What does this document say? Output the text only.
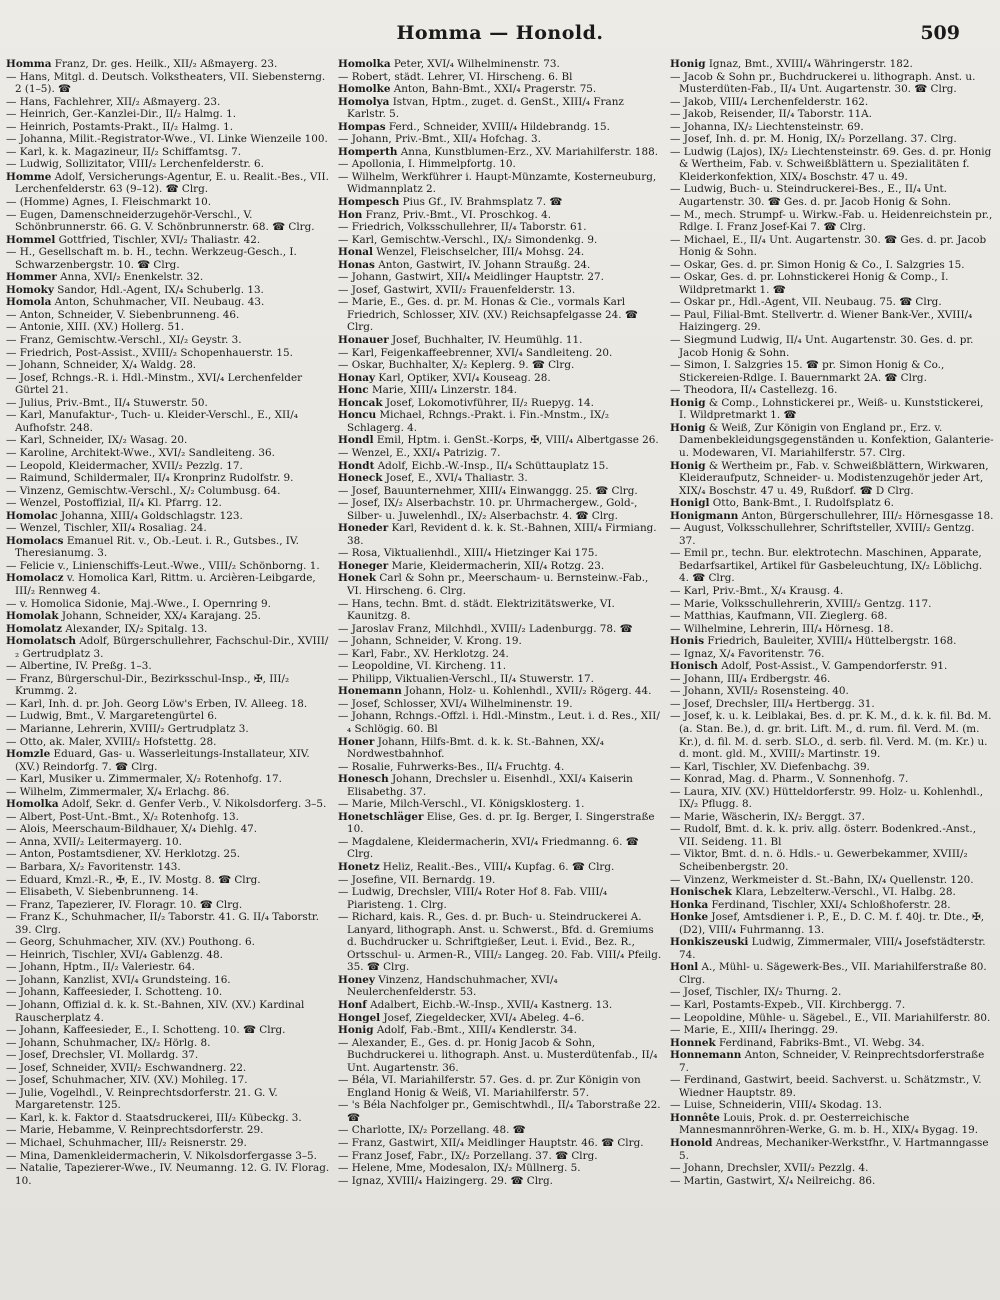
Homma — Honold.	509

Homma Franz, Dr. ges. Heilk., XII/₂ Aßmayerg. 23.

— Hans, Mitgl. d. Deutsch. Volkstheaters, VII. Siebensterng. 2 (1–5). ☎

— Hans, Fachlehrer, XII/₂ Aßmayerg. 23.

— Heinrich, Ger.-Kanzlei-Dir., II/₂ Halmg. 1.

— Heinrich, Postamts-Prakt., II/₂ Halmg. 1.

— Johanna, Milit.-Registrator-Wwe., VI. Linke Wienzeile 100.

— Karl, k. k. Magazineur, II/₂ Schiffamtsg. 7.

— Ludwig, Sollizitator, VIII/₂ Lerchenfelderstr. 6.

Homme Adolf, Versicherungs-Agentur, E. u. Realit.-Bes., VII. Lerchenfelderstr. 63 (9–12). ☎ Clrg.

— (Homme) Agnes, I. Fleischmarkt 10.

— Eugen, Damenschneiderzugehör-Verschl., V. Schönbrunnerstr. 66. G. V. Schönbrunnerstr. 68. ☎ Clrg.

Hommel Gottfried, Tischler, XVI/₂ Thaliastr. 42.

— H., Gesellschaft m. b. H., techn. Werkzeug-Gesch., I. Schwarzenbergstr. 10. ☎ Clrg.

Hommer Anna, XVI/₂ Enenkelstr. 32.

Homoky Sandor, Hdl.-Agent, IX/₄ Schuberlg. 13.

Homola Anton, Schuhmacher, VII. Neubaug. 43.

— Anton, Schneider, V. Siebenbrunneng. 46.

— Antonie, XIII. (XV.) Hollerg. 51.

— Franz, Gemischtw.-Verschl., XI/₂ Geystr. 3.

— Friedrich, Post-Assist., XVIII/₂ Schopenhauerstr. 15.

— Johann, Schneider, X/₄ Waldg. 28.

— Josef, Rchngs.-R. i. Hdl.-Minstm., XVI/₄ Lerchenfelder Gürtel 21.

— Julius, Priv.-Bmt., II/₄ Stuwerstr. 50.

— Karl, Manufaktur-, Tuch- u. Kleider-Verschl., E., XII/₄ Aufhofstr. 248.

— Karl, Schneider, IX/₂ Wasag. 20.

— Karoline, Architekt-Wwe., XVI/₂ Sandleiteng. 36.

— Leopold, Kleidermacher, XVII/₂ Pezzlg. 17.

— Raimund, Schildermaler, II/₄ Kronprinz Rudolfstr. 9.

— Vinzenz, Gemischtw.-Verschl., X/₂ Columbusg. 64.

— Wenzel, Postoffizial, II/₄ Kl. Pfarrg. 12.

Homolac Johanna, XIII/₄ Goldschlagstr. 123.

— Wenzel, Tischler, XII/₄ Rosaliag. 24.

Homolacs Emanuel Rit. v., Ob.-Leut. i. R., Gutsbes., IV. Theresianumg. 3.

— Felicie v., Linienschiffs-Leut.-Wwe., VIII/₂ Schönborng. 1.

Homolacz v. Homolica Karl, Rittm. u. Arcièren-Leibgarde, III/₂ Rennweg 4.

— v. Homolica Sidonie, Maj.-Wwe., I. Opernring 9.

Homolak Johann, Schneider, XX/₄ Karajang. 25.

Homolatz Alexander, IX/₂ Spitalg. 13.

Homolatsch Adolf, Bürgerschullehrer, Fachschul-Dir., XVIII/₂ Gertrudplatz 3.

— Albertine, IV. Preßg. 1–3.

— Franz, Bürgerschul-Dir., Bezirksschul-Insp., ✠, III/₂ Krummg. 2.

— Karl, Inh. d. pr. Joh. Georg Löw's Erben, IV. Alleeg. 18.

— Ludwig, Bmt., V. Margaretengürtel 6.

— Marianne, Lehrerin, XVIII/₂ Gertrudplatz 3.

— Otto, ak. Maler, XVIII/₂ Hofstettg. 28.

Homzle Eduard, Gas- u. Wasserleitungs-Installateur, XIV. (XV.) Reindorfg. 7. ☎ Clrg.

— Karl, Musiker u. Zimmermaler, X/₂ Rotenhofg. 17.

— Wilhelm, Zimmermaler, X/₄ Erlachg. 86.

Homolka Adolf, Sekr. d. Genfer Verb., V. Nikolsdorferg. 3–5.

— Albert, Post-Unt.-Bmt., X/₂ Rotenhofg. 13.

— Alois, Meerschaum-Bildhauer, X/₄ Diehlg. 47.

— Anna, XVII/₂ Leitermayerg. 10.

— Anton, Postamtsdiener, XV. Herklotzg. 25.

— Barbara, X/₂ Favoritenstr. 143.

— Eduard, Kmzl.-R., ✠, E., IV. Mostg. 8. ☎ Clrg.

— Elisabeth, V. Siebenbrunneng. 14.

— Franz, Tapezierer, IV. Floragr. 10. ☎ Clrg.

— Franz K., Schuhmacher, II/₂ Taborstr. 41. G. II/₄ Taborstr. 39. Clrg.

— Georg, Schuhmacher, XIV. (XV.) Pouthong. 6.

— Heinrich, Tischler, XVI/₄ Gablenzg. 48.

— Johann, Hptm., II/₂ Valeriestr. 64.

— Johann, Kanzlist, XVI/₄ Grundsteing. 16.

— Johann, Kaffeesieder, I. Schotteng. 10.

— Johann, Offizial d. k. k. St.-Bahnen, XIV. (XV.) Kardinal Rauscherplatz 4.

— Johann, Kaffeesieder, E., I. Schotteng. 10. ☎ Clrg.

— Johann, Schuhmacher, IX/₂ Hörlg. 8.

— Josef, Drechsler, VI. Mollardg. 37.

— Josef, Schneider, XVII/₂ Eschwandnerg. 22.

— Josef, Schuhmacher, XIV. (XV.) Mohileg. 17.

— Julie, Vogelhdl., V. Reinprechtsdorferstr. 21. G. V. Margaretenstr. 125.

— Karl, k. k. Faktor d. Staatsdruckerei, III/₂ Kübeckg. 3.

— Marie, Hebamme, V. Reinprechtsdorferstr. 29.

— Michael, Schuhmacher, III/₂ Reisnerstr. 29.

— Mina, Damenkleidermacherin, V. Nikolsdorfergasse 3–5.

— Natalie, Tapezierer-Wwe., IV. Neumanng. 12. G. IV. Florag. 10.

Homolka Peter, XVI/₄ Wilhelminenstr. 73.

— Robert, städt. Lehrer, VI. Hirscheng. 6. Bl

Homolke Anton, Bahn-Bmt., XXI/₄ Pragerstr. 75.

Homolya Istvan, Hptm., zuget. d. GenSt., XIII/₄ Franz Karlstr. 5.

Hompas Ferd., Schneider, XVIII/₄ Hildebrandg. 15.

— Johann, Priv.-Bmt., XII/₄ Hofchag. 3.

Homperth Anna, Kunstblumen-Erz., XV. Mariahilferstr. 188.

— Apollonia, I. Himmelpfortg. 10.

— Wilhelm, Werkführer i. Haupt-Münzamte, Kosterneuburg, Widmannplatz 2.

Hompesch Pius Gf., IV. Brahmsplatz 7. ☎

Hon Franz, Priv.-Bmt., VI. Proschkog. 4.

— Friedrich, Volksschullehrer, II/₄ Taborstr. 61.

— Karl, Gemischtw.-Verschl., IX/₂ Simondenkg. 9.

Honal Wenzel, Fleischselcher, III/₄ Mohsg. 24.

Honas Anton, Gastwirt, IV. Johann Straußg. 24.

— Johann, Gastwirt, XII/₄ Meidlinger Hauptstr. 27.

— Josef, Gastwirt, XVII/₂ Frauenfelderstr. 13.

— Marie, E., Ges. d. pr. M. Honas & Cie., vormals Karl Friedrich, Schlosser, XIV. (XV.) Reichsapfelgasse 24. ☎ Clrg.

Honauer Josef, Buchhalter, IV. Heumühlg. 11.

— Karl, Feigenkaffeebrenner, XVI/₄ Sandleiteng. 20.

— Oskar, Buchhalter, X/₂ Keplerg. 9. ☎ Clrg.

Honay Karl, Optiker, XVI/₄ Kouseag. 28.

Honc Marie, XIII/₄ Linzerstr. 184.

Honcak Josef, Lokomotivführer, II/₂ Ruepyg. 14.

Honcu Michael, Rchngs.-Prakt. i. Fin.-Mnstm., IX/₂ Schlagerg. 4.

Hondl Emil, Hptm. i. GenSt.-Korps, ✠, VIII/₄ Albertgasse 26.

— Wenzel, E., XXI/₄ Patrizig. 7.

Hondt Adolf, Eichb.-W.-Insp., II/₄ Schüttauplatz 15.

Honeck Josef, E., XVI/₄ Thaliastr. 3.

— Josef, Bauunternehmer, XIII/₄ Einwanggg. 25. ☎ Clrg.

— Josef, IX/₂ Alserbachstr. 10. pr. Uhrmachergew., Gold-, Silber- u. Juwelenhdl., IX/₂ Alserbachstr. 4. ☎ Clrg.

Honeder Karl, Revident d. k. k. St.-Bahnen, XIII/₄ Firmiang. 38.

— Rosa, Viktualienhdl., XIII/₄ Hietzinger Kai 175.

Honeger Marie, Kleidermacherin, XII/₄ Rotzg. 23.

Honek Carl & Sohn pr., Meerschaum- u. Bernsteinw.-Fab., VI. Hirscheng. 6. Clrg.

— Hans, techn. Bmt. d. städt. Elektrizitätswerke, VI. Kaunitzg. 8.

— Jaroslav Franz, Milchhdl., XVIII/₂ Ladenburgg. 78. ☎

— Johann, Schneider, V. Krong. 19.

— Karl, Fabr., XV. Herklotzg. 24.

— Leopoldine, VI. Kircheng. 11.

— Philipp, Viktualien-Verschl., II/₄ Stuwerstr. 17.

Honemann Johann, Holz- u. Kohlenhdl., XVII/₂ Rögerg. 44.

— Josef, Schlosser, XVI/₄ Wilhelminenstr. 19.

— Johann, Rchngs.-Offzl. i. Hdl.-Minstm., Leut. i. d. Res., XII/₄ Schlögig. 60. Bl

Honer Johann, Hilfs-Bmt. d. k. k. St.-Bahnen, XX/₄ Nordwestbahnhof.

— Rosalie, Fuhrwerks-Bes., II/₄ Fruchtg. 4.

Honesch Johann, Drechsler u. Eisenhdl., XXI/₄ Kaiserin Elisabethg. 37.

— Marie, Milch-Verschl., VI. Königsklosterg. 1.

Honetschläger Elise, Ges. d. pr. Ig. Berger, I. Singerstraße 10.

— Magdalene, Kleidermacherin, XVI/₄ Friedmanng. 6. ☎ Clrg.

Honetz Heliz, Realit.-Bes., VIII/₄ Kupfag. 6. ☎ Clrg.

— Josefine, VII. Bernardg. 19.

— Ludwig, Drechsler, VIII/₄ Roter Hof 8. Fab. VIII/₄ Piaristeng. 1. Clrg.

— Richard, kais. R., Ges. d. pr. Buch- u. Steindruckerei A. Lanyard, lithograph. Anst. u. Schwerst., Bfd. d. Gremiums d. Buchdrucker u. Schriftgießer, Leut. i. Evid., Bez. R., Ortsschul- u. Armen-R., VIII/₂ Langeg. 20. Fab. VIII/₄ Pfeilg. 35. ☎ Clrg.

Honey Vinzenz, Handschuhmacher, XVI/₄ Neulerchenfelderstr. 53.

Honf Adalbert, Eichb.-W.-Insp., XVII/₄ Kastnerg. 13.

Hongel Josef, Ziegeldecker, XVI/₄ Abeleg. 4–6.

Honig Adolf, Fab.-Bmt., XIII/₄ Kendlerstr. 34.

— Alexander, E., Ges. d. pr. Honig Jacob & Sohn, Buchdruckerei u. lithograph. Anst. u. Musterdütenfab., II/₄ Unt. Augartenstr. 36.

— Béla, VI. Mariahilferstr. 57. Ges. d. pr. Zur Königin von England Honig & Weiß, VI. Mariahilferstr. 57.

— 's Béla Nachfolger pr., Gemischtwhdl., II/₄ Taborstraße 22. ☎

— Charlotte, IX/₂ Porzellang. 48. ☎

— Franz, Gastwirt, XII/₄ Meidlinger Hauptstr. 46. ☎ Clrg.

— Franz Josef, Fabr., IX/₂ Porzellang. 37. ☎ Clrg.

— Helene, Mme, Modesalon, IX/₂ Müllnerg. 5.

— Ignaz, XVIII/₄ Haizingerg. 29. ☎ Clrg.

Honig Ignaz, Bmt., XVIII/₄ Währingerstr. 182.

— Jacob & Sohn pr., Buchdruckerei u. lithograph. Anst. u. Musterdüten-Fab., II/₄ Unt. Augartenstr. 30. ☎ Clrg.

— Jakob, VIII/₄ Lerchenfelderstr. 162.

— Jakob, Reisender, II/₄ Taborstr. 11A.

— Johanna, IX/₂ Liechtensteinstr. 69.

— Josef, Inh. d. pr. M. Honig, IX/₂ Porzellang. 37. Clrg.

— Ludwig (Lajos), IX/₂ Liechtensteinstr. 69. Ges. d. pr. Honig & Wertheim, Fab. v. Schweißblättern u. Spezialitäten f. Kleiderkonfektion, XIX/₄ Boschstr. 47 u. 49.

— Ludwig, Buch- u. Steindruckerei-Bes., E., II/₄ Unt. Augartenstr. 30. ☎ Ges. d. pr. Jacob Honig & Sohn.

— M., mech. Strumpf- u. Wirkw.-Fab. u. Heidenreichstein pr., Rdlge. I. Franz Josef-Kai 7. ☎ Clrg.

— Michael, E., II/₄ Unt. Augartenstr. 30. ☎ Ges. d. pr. Jacob Honig & Sohn.

— Oskar, Ges. d. pr. Simon Honig & Co., I. Salzgries 15.

— Oskar, Ges. d. pr. Lohnstickerei Honig & Comp., I. Wildpretmarkt 1. ☎

— Oskar pr., Hdl.-Agent, VII. Neubaug. 75. ☎ Clrg.

— Paul, Filial-Bmt. Stellvertr. d. Wiener Bank-Ver., XVIII/₄ Haizingerg. 29.

— Siegmund Ludwig, II/₄ Unt. Augartenstr. 30. Ges. d. pr. Jacob Honig & Sohn.

— Simon, I. Salzgries 15. ☎ pr. Simon Honig & Co., Stickereien-Rdlge. I. Bauernmarkt 2A. ☎ Clrg.

— Theodora, II/₄ Castellezg. 16.

Honig & Comp., Lohnstickerei pr., Weiß- u. Kunststickerei, I. Wildpretmarkt 1. ☎

Honig & Weiß, Zur Königin von England pr., Erz. v. Damenbekleidungsgegenständen u. Konfektion, Galanterie- u. Modewaren, VI. Mariahilferstr. 57. Clrg.

Honig & Wertheim pr., Fab. v. Schweißblättern, Wirkwaren, Kleideraufputz, Schneider- u. Modistenzugehör jeder Art, XIX/₄ Boschstr. 47 u. 49, Rußdorf. ☎ D Clrg.

Honigl Otto, Bank-Bmt., I. Rudolfsplatz 6.

Honigmann Anton, Bürgerschullehrer, III/₂ Hörnesgasse 18.

— August, Volksschullehrer, Schriftsteller, XVIII/₂ Gentzg. 37.

— Emil pr., techn. Bur. elektrotechn. Maschinen, Apparate, Bedarfsartikel, Artikel für Gasbeleuchtung, IX/₂ Löblichg. 4. ☎ Clrg.

— Karl, Priv.-Bmt., X/₄ Krausg. 4.

— Marie, Volksschullehrerin, XVIII/₂ Gentzg. 117.

— Matthias, Kaufmann, VII. Zieglerg. 68.

— Wilhelmine, Lehrerin, III/₄ Hörnesg. 18.

Honis Friedrich, Bauleiter, XVIII/₄ Hüttelbergstr. 168.

— Ignaz, X/₄ Favoritenstr. 76.

Honisch Adolf, Post-Assist., V. Gampendorferstr. 91.

— Johann, III/₄ Erdbergstr. 46.

— Johann, XVII/₂ Rosensteing. 40.

— Josef, Drechsler, III/₄ Hertbergg. 31.

— Josef, k. u. k. Leiblakai, Bes. d. pr. K. M., d. k. k. fil. Bd. M. (a. Stan. Be.), d. gr. brit. Lift. M., d. rum. fil. Verd. M. (m. Kr.), d. fil. M. d. serb. SLO., d. serb. fil. Verd. M. (m. Kr.) u. d. mont. gld. M., XVIII/₂ Martinstr. 19.

— Karl, Tischler, XV. Diefenbachg. 39.

— Konrad, Mag. d. Pharm., V. Sonnenhofg. 7.

— Laura, XIV. (XV.) Hütteldorferstr. 99. Holz- u. Kohlenhdl., IX/₂ Pflugg. 8.

— Marie, Wäscherin, IX/₂ Berggt. 37.

— Rudolf, Bmt. d. k. k. priv. allg. österr. Bodenkred.-Anst., VII. Seideng. 11. Bl

— Viktor, Bmt. d. n. ö. Hdls.- u. Gewerbekammer, XVIII/₂ Scheibenbergstr. 20.

— Vinzenz, Werkmeister d. St.-Bahn, IX/₄ Quellenstr. 120.

Honischek Klara, Lebzelterw.-Verschl., VI. Halbg. 28.

Honka Ferdinand, Tischler, XXI/₄ Schloßhoferstr. 28.

Honke Josef, Amtsdiener i. P., E., D. C. M. f. 40j. tr. Dte., ✠, (D2), VIII/₄ Fuhrmanng. 13.

Honkiszeuski Ludwig, Zimmermaler, VIII/₄ Josefstädterstr. 74.

Honl A., Mühl- u. Sägewerk-Bes., VII. Mariahilferstraße 80. Clrg.

— Josef, Tischler, IX/₂ Thurng. 2.

— Karl, Postamts-Expeb., VII. Kirchbergg. 7.

— Leopoldine, Mühle- u. Sägebel., E., VII. Mariahilferstr. 80.

— Marie, E., XIII/₄ Iheringg. 29.

Honnek Ferdinand, Fabriks-Bmt., VI. Webg. 34.

Honnemann Anton, Schneider, V. Reinprechtsdorferstraße 7.

— Ferdinand, Gastwirt, beeid. Sachverst. u. Schätzmstr., V. Wiedner Hauptstr. 89.

— Luise, Schneiderin, VIII/₄ Skodag. 13.

Honnête Louis, Prok. d. pr. Oesterreichische Mannesmannröhren-Werke, G. m. b. H., XIX/₄ Bygag. 19.

Honold Andreas, Mechaniker-Werkstfhr., V. Hartmanngasse 5.

— Johann, Drechsler, XVII/₂ Pezzlg. 4.

— Martin, Gastwirt, X/₄ Neilreichg. 86.
